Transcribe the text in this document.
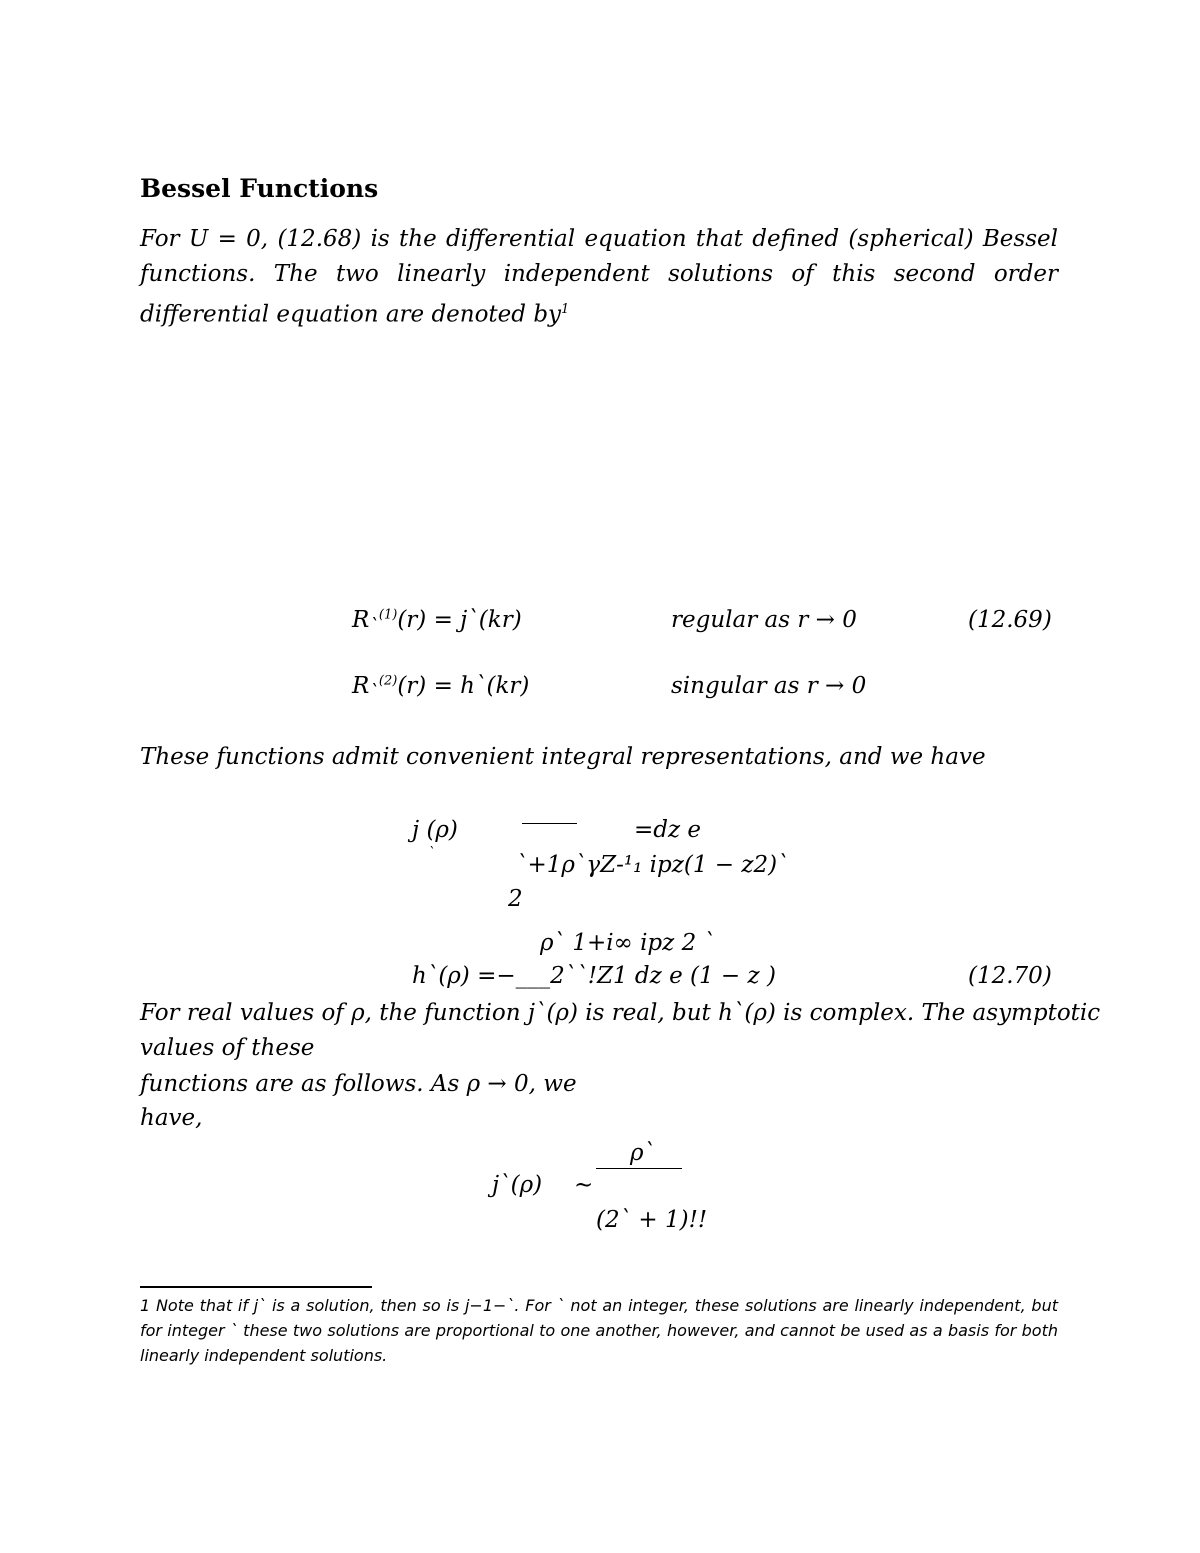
Bessel Functions
For U = 0, (12.68) is the differential equation that defined (spherical) Bessel functions. The two linearly independent solutions of this second order differential equation are denoted $by^1$
$R_`^{(1)}(r)$ = j`(kr)	regular as r → 0	(12.69)
$R_`^{(2)}(r)$ = h`(kr)	singular as r → 0
These functions admit convenient integral representations, and we have
j (ρ)
`
=dz e
`+1ρ`γZ-¹₁ ipz(1 − z2)`
2
ρ` 1+i∞ ipz 2 `
h`(ρ) =−___2``!Z1 dz e (1 − z )	(12.70)
For real values of ρ, the function j`(ρ) is real, but h`(ρ) is complex. The asymptotic
values of these
functions are as follows. As ρ → 0, we
have,
ρ`
j`(ρ) ∼
(2` + 1)!!
1 Note that if j` is a solution, then so is j−1−`. For ` not an integer, these solutions are linearly independent, but for integer ` these two solutions are proportional to one another, however, and cannot be used as a basis for both linearly independent solutions.
